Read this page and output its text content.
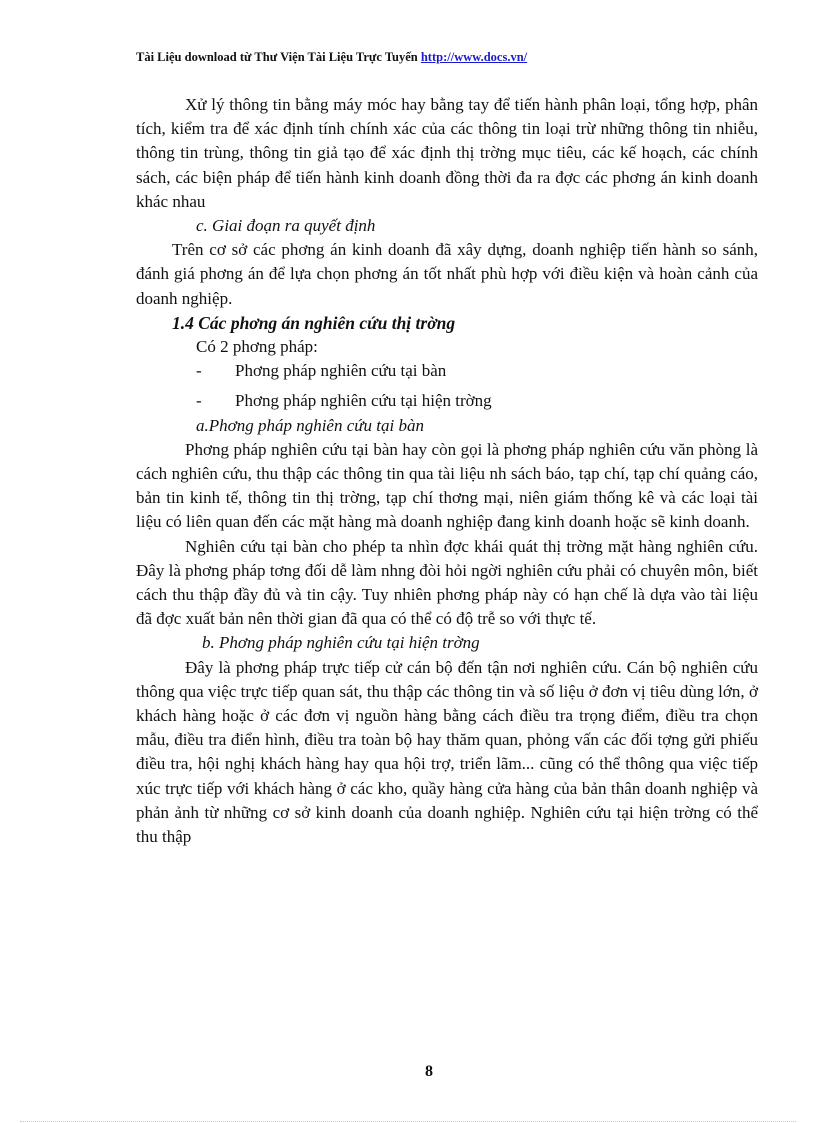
Tài Liệu download từ Thư Viện Tài Liệu Trực Tuyến http://www.docs.vn/

Xử lý thông tin bằng máy móc hay bằng tay để tiến hành phân loại, tổng hợp, phân tích, kiểm tra để xác định tính chính xác của các thông tin loại trừ những thông tin nhiễu, thông tin trùng, thông tin giả tạo để xác định thị trờng mục tiêu, các kế hoạch, các chính sách, các biện pháp để tiến hành kinh doanh đồng thời đa ra đợc các phơng án kinh doanh khác nhau

c. Giai đoạn ra quyết định

Trên cơ sở các phơng án kinh doanh đã xây dựng, doanh nghiệp tiến hành so sánh, đánh giá phơng án để lựa chọn phơng án tốt nhất phù hợp với điều kiện và hoàn cảnh của doanh nghiệp.

1.4 Các phơng án nghiên cứu thị trờng

Có 2 phơng pháp:

-	Phơng pháp nghiên cứu tại bàn

-	Phơng pháp nghiên cứu tại hiện trờng

a.Phơng pháp nghiên cứu tại bàn

Phơng pháp nghiên cứu tại bàn hay còn gọi là phơng pháp nghiên cứu văn phòng là cách nghiên cứu, thu thập các thông tin qua tài liệu nh sách báo, tạp chí, tạp chí quảng cáo, bản tin kinh tế, thông tin thị trờng, tạp chí thơng mại, niên giám thống kê và các loại tài liệu có liên quan đến các mặt hàng mà doanh nghiệp đang kinh doanh hoặc sẽ kinh doanh.

Nghiên cứu tại bàn cho phép ta nhìn đợc khái quát thị trờng mặt hàng nghiên cứu. Đây là phơng pháp tơng đối dễ làm nhng đòi hỏi ngời nghiên cứu phải có chuyên môn, biết cách thu thập đầy đủ và tin cậy. Tuy nhiên phơng pháp này có hạn chế là dựa vào tài liệu đã đợc xuất bản nên thời gian đã qua có thể có độ trễ so với thực tế.

b. Phơng pháp nghiên cứu tại hiện trờng

Đây là phơng pháp trực tiếp cử cán bộ đến tận nơi nghiên cứu. Cán bộ nghiên cứu thông qua việc trực tiếp quan sát, thu thập các thông tin và số liệu ở đơn vị tiêu dùng lớn, ở khách hàng hoặc ở các đơn vị nguồn hàng bằng cách điều tra trọng điểm, điều tra chọn mẫu, điều tra điển hình, điều tra toàn bộ hay thăm quan, phỏng vấn các đối tợng gửi phiếu điều tra, hội nghị khách hàng hay qua hội trợ, triển lãm... cũng có thể thông qua việc tiếp xúc trực tiếp với khách hàng ở các kho, quầy hàng cửa hàng của bản thân doanh nghiệp và phản ảnh từ những cơ sở kinh doanh của doanh nghiệp. Nghiên cứu tại hiện trờng có thể thu thập

8
